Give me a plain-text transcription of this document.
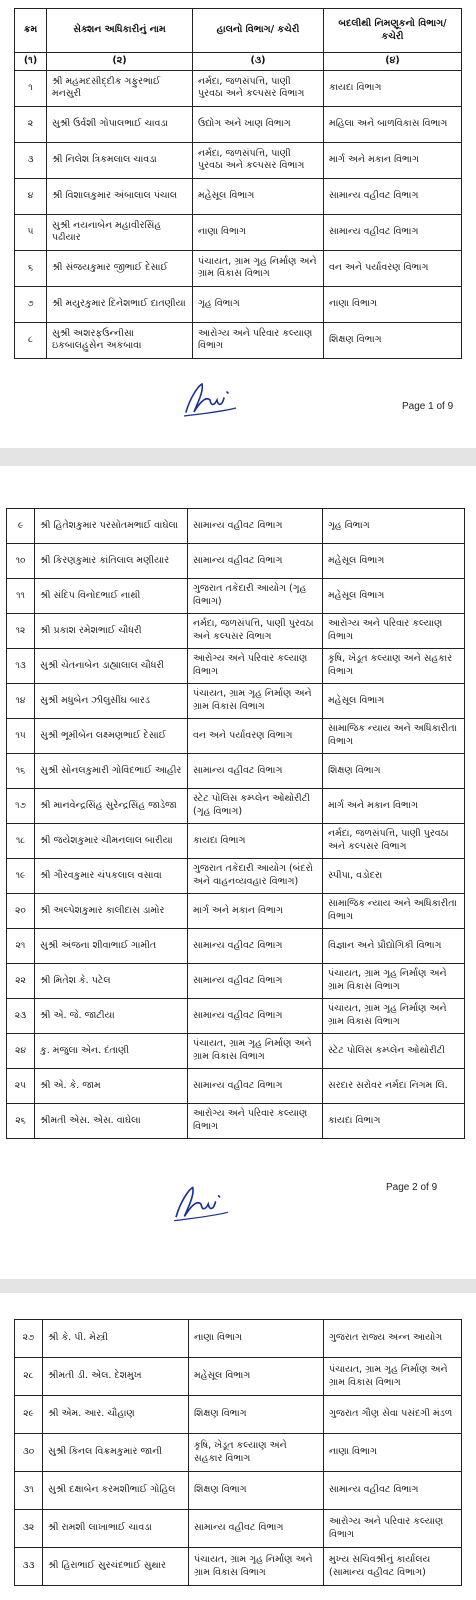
ક્રમ	સેક્શન અધિકારીનું નામ	હાલનો વિભાગ/ કચેરી	બદલીથી નિમણૂકનો વિભાગ/કચેરી
(૧)	(૨)	(૩)	(૪)
૧	શ્રી મહમદસીદ્દીક ગફુરભાઈ મનસુરી	નર્મદા, જળસંપત્તિ, પાણી પુરવઠા અને કલ્પસર વિભાગ	કાયદા વિભાગ
૨	સુશ્રી ઉર્વશી ગોપાલભાઈ ચાવડા	ઉદ્યોગ અને ખાણ વિભાગ	મહિલા અને બાળવિકાસ વિભાગ
૩	શ્રી નિલેશ ત્રિકમલાલ ચાવડા	નર્મદા, જળસંપત્તિ, પાણી પુરવઠા અને કલ્પસર વિભાગ	માર્ગ અને મકાન વિભાગ
૪	શ્રી વિશાલકુમાર અંબાલાલ પંચાલ	મહેસૂલ વિભાગ	સામાન્ય વહીવટ વિભાગ
૫	સુશ્રી નયનાબેન મહાવીરસિંહ પઢીયાર	નાણા વિભાગ	સામાન્ય વહીવટ વિભાગ
૬	શ્રી સંજયકુમાર જીભાઈ દેસાઈ	પંચાયત, ગ્રામ ગૃહ નિર્માણ અને ગ્રામ વિકાસ વિભાગ	વન અને પર્યાવરણ વિભાગ
૭	શ્રી મયુરકુમાર દિનેશભાઈ દાતણીયા	ગૃહ વિભાગ	નાણા વિભાગ
૮	સુશ્રી અશરફઉન્નીસા ઇકબાલહુસેન અકબાવા	આરોગ્ય અને પરિવાર કલ્યાણ વિભાગ	શિક્ષણ વિભાગ
Page 1 of 9
૯	શ્રી હિતેશકુમાર પરસોતમભાઈ વાઘેલા	સામાન્ય વહીવટ વિભાગ	ગૃહ વિભાગ
૧૦	શ્રી કિરણકુમાર કાંતિલાલ મણીયાર	સામાન્ય વહીવટ વિભાગ	મહેસૂલ વિભાગ
૧૧	શ્રી સંદિપ વિનોદભાઈ નાથી	ગુજરાત તકેદારી આયોગ (ગૃહ વિભાગ)	મહેસૂલ વિભાગ
૧૨	શ્રી પ્રકાશ રમેશભાઈ ચૌધરી	નર્મદા, જળસંપત્તિ, પાણી પુરવઠા અને કલ્પસર વિભાગ	આરોગ્ય અને પરિવાર કલ્યાણ વિભાગ
૧૩	સુશ્રી ચેતનાબેન ડાહ્યાલાલ ચૌધરી	આરોગ્ય અને પરિવાર કલ્યાણ વિભાગ	કૃષિ, ખેડૂત કલ્યાણ અને સહકાર વિભાગ
૧૪	સુશ્રી મધુબેન ઝીલુસીંઘ બારડ	પંચાયત, ગ્રામ ગૃહ નિર્માણ અને ગ્રામ વિકાસ વિભાગ	મહેસૂલ વિભાગ
૧૫	સુશ્રી ભૂમીબેન લક્ષ્મણભાઈ દેસાઈ	વન અને પર્યાવરણ વિભાગ	સામાજિક ન્યાય અને અધિકારીતા વિભાગ
૧૬	સુશ્રી સોનલકુમારી ગોવિંદભાઈ આહીર	સામાન્ય વહીવટ વિભાગ	શિક્ષણ વિભાગ
૧૭	શ્રી માનવેન્દ્રસિંહ સુરેન્દ્રસિંહ જાડેજા	સ્ટેટ પોલિસ કમ્પ્લેન ઓથોરીટી (ગૃહ વિભાગ)	માર્ગ અને મકાન વિભાગ
૧૮	શ્રી જયેશકુમાર ચીમનલાલ બારીયા	કાયદા વિભાગ	નર્મદા, જળસંપત્તિ, પાણી પુરવઠા અને કલ્પસર વિભાગ
૧૯	શ્રી ગૌરવકુમાર ચંપકલાલ વસાવા	ગુજરાત તકેદારી આયોગ (બંદરો અને વાહનવ્યવહાર વિભાગ)	સ્પીપા, વડોદરા
૨૦	શ્રી અલ્પેશકુમાર કાલીદાસ ડામોર	માર્ગ અને મકાન વિભાગ	સામાજિક ન્યાય અને અધિકારીતા વિભાગ
૨૧	સુશ્રી અંજના શીવાભાઈ ગામીત	સામાન્ય વહીવટ વિભાગ	વિજ્ઞાન અને પ્રૌદ્યોગિકી વિભાગ
૨૨	શ્રી મિતેશ કે. પટેલ	સામાન્ય વહીવટ વિભાગ	પંચાયત, ગ્રામ ગૃહ નિર્માણ અને ગ્રામ વિકાસ વિભાગ
૨૩	શ્રી એ. જે. જાટીયા	સામાન્ય વહીવટ વિભાગ	પંચાયત, ગ્રામ ગૃહ નિર્માણ અને ગ્રામ વિકાસ વિભાગ
૨૪	કુ. મંજુલા એન. દંતાણી	પંચાયત, ગ્રામ ગૃહ નિર્માણ અને ગ્રામ વિકાસ વિભાગ	સ્ટેટ પોલિસ કમ્પ્લેન ઓથોરીટી
૨૫	શ્રી એ. કે. જામ	સામાન્ય વહીવટ વિભાગ	સરદાર સરોવર નર્મદા નિગમ લિ.
૨૬	શ્રીમતી એસ. એસ. વાઘેલા	આરોગ્ય અને પરિવાર કલ્યાણ વિભાગ	કાયદા વિભાગ
Page 2 of 9
૨૭	શ્રી કે. પી. મેસ્ત્રી	નાણા વિભાગ	ગુજરાત રાજ્ય અન્ન આયોગ
૨૮	શ્રીમતી ડી. એલ. દેશમુખ	મહેસૂલ વિભાગ	પંચાયત, ગ્રામ ગૃહ નિર્માણ અને ગ્રામ વિકાસ વિભાગ
૨૯	શ્રી એમ. આર. ચૌહાણ	શિક્ષણ વિભાગ	ગુજરાત ગૌણ સેવા પસંદગી મંડળ
૩૦	સુશ્રી કિનલ વિક્રમકુમાર જાની	કૃષિ, ખેડૂત કલ્યાણ અને સહકાર વિભાગ	નાણા વિભાગ
૩૧	સુશ્રી દક્ષાબેન કરમશીભાઈ ગોહિલ	શિક્ષણ વિભાગ	સામાન્ય વહીવટ વિભાગ
૩૨	શ્રી રામશી લાખાભાઈ ચાવડા	સામાન્ય વહીવટ વિભાગ	આરોગ્ય અને પરિવાર કલ્યાણ વિભાગ
૩૩	શ્રી હિરાભાઈ સુરચંદભાઈ સુથાર	પંચાયત, ગ્રામ ગૃહ નિર્માણ અને ગ્રામ વિકાસ વિભાગ	મુખ્ય સચિવશ્રીનું કાર્યાલય (સામાન્ય વહીવટ વિભાગ)
